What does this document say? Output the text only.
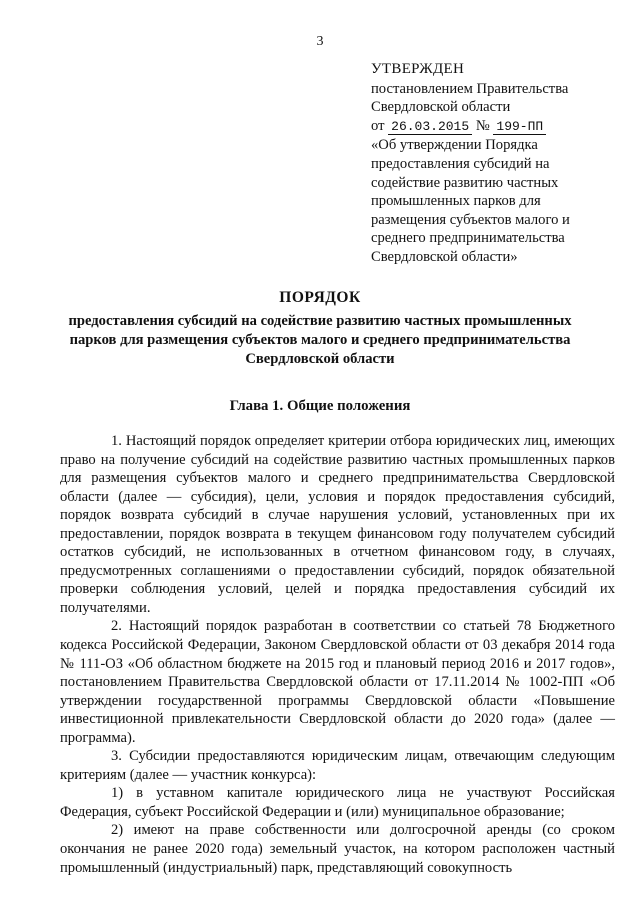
3
УТВЕРЖДЕН
постановлением Правительства
Свердловской области
от 26.03.2015 № 199-ПП
«Об утверждении Порядка
предоставления субсидий на
содействие развитию частных
промышленных парков для
размещения субъектов малого и
среднего предпринимательства
Свердловской области»
ПОРЯДОК
предоставления субсидий на содействие развитию частных промышленных
парков для размещения субъектов малого и среднего предпринимательства
Свердловской области
Глава 1. Общие положения

1. Настоящий порядок определяет критерии отбора юридических лиц, имеющих право на получение субсидий на содействие развитию частных промышленных парков для размещения субъектов малого и среднего предпринимательства Свердловской области (далее — субсидия), цели, условия и порядок предоставления субсидий, порядок возврата субсидий в случае нарушения условий, установленных при их предоставлении, порядок возврата в текущем финансовом году получателем субсидий остатков субсидий, не использованных в отчетном финансовом году, в случаях, предусмотренных соглашениями о предоставлении субсидий, порядок обязательной проверки соблюдения условий, целей и порядка предоставления субсидий их получателями.

2. Настоящий порядок разработан в соответствии со статьей 78 Бюджетного кодекса Российской Федерации, Законом Свердловской области от 03 декабря 2014 года № 111-ОЗ «Об областном бюджете на 2015 год и плановый период 2016 и 2017 годов», постановлением Правительства Свердловской области от 17.11.2014 № 1002-ПП «Об утверждении государственной программы Свердловской области «Повышение инвестиционной привлекательности Свердловской области до 2020 года» (далее — программа).

3. Субсидии предоставляются юридическим лицам, отвечающим следующим критериям (далее — участник конкурса):

1) в уставном капитале юридического лица не участвуют Российская Федерация, субъект Российской Федерации и (или) муниципальное образование;

2) имеют на праве собственности или долгосрочной аренды (со сроком окончания не ранее 2020 года) земельный участок, на котором расположен частный промышленный (индустриальный) парк, представляющий совокупность
